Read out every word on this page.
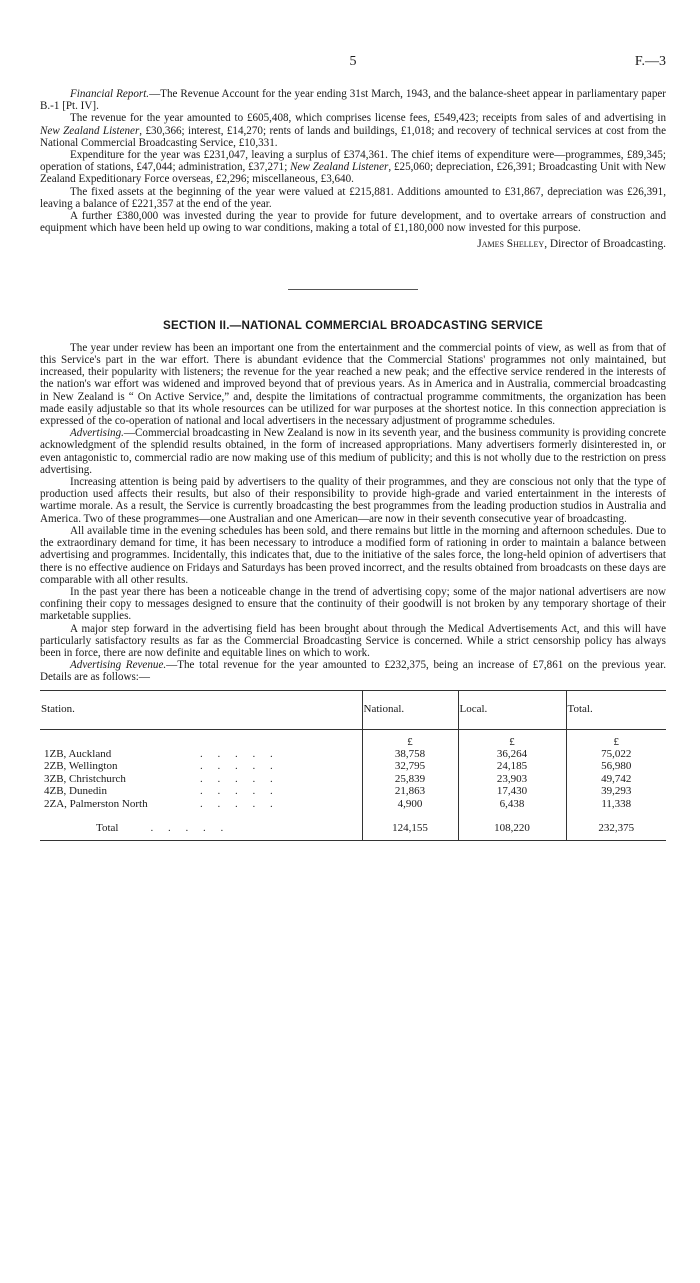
5	F.—3

Financial Report.—The Revenue Account for the year ending 31st March, 1943, and the balance-sheet appear in parliamentary paper B.-1 [Pt. IV].

The revenue for the year amounted to £605,408, which comprises license fees, £549,423; receipts from sales of and advertising in New Zealand Listener, £30,366; interest, £14,270; rents of lands and buildings, £1,018; and recovery of technical services at cost from the National Commercial Broadcasting Service, £10,331.

Expenditure for the year was £231,047, leaving a surplus of £374,361. The chief items of expenditure were—programmes, £89,345; operation of stations, £47,044; administration, £37,271; New Zealand Listener, £25,060; depreciation, £26,391; Broadcasting Unit with New Zealand Expeditionary Force overseas, £2,296; miscellaneous, £3,640.

The fixed assets at the beginning of the year were valued at £215,881. Additions amounted to £31,867, depreciation was £26,391, leaving a balance of £221,357 at the end of the year.

A further £380,000 was invested during the year to provide for future development, and to overtake arrears of construction and equipment which have been held up owing to war conditions, making a total of £1,180,000 now invested for this purpose.

James Shelley, Director of Broadcasting.
SECTION II.—NATIONAL COMMERCIAL BROADCASTING SERVICE

The year under review has been an important one from the entertainment and the commercial points of view, as well as from that of this Service's part in the war effort. There is abundant evidence that the Commercial Stations' programmes not only maintained, but increased, their popularity with listeners; the revenue for the year reached a new peak; and the effective service rendered in the interests of the nation's war effort was widened and improved beyond that of previous years. As in America and in Australia, commercial broadcasting in New Zealand is “ On Active Service,” and, despite the limitations of contractual programme commitments, the organization has been made easily adjustable so that its whole resources can be utilized for war purposes at the shortest notice. In this connection appreciation is expressed of the co-operation of national and local advertisers in the necessary adjustment of programme schedules.

Advertising.—Commercial broadcasting in New Zealand is now in its seventh year, and the business community is providing concrete acknowledgment of the splendid results obtained, in the form of increased appropriations. Many advertisers formerly disinterested in, or even antagonistic to, commercial radio are now making use of this medium of publicity; and this is not wholly due to the restriction on press advertising.

Increasing attention is being paid by advertisers to the quality of their programmes, and they are conscious not only that the type of production used affects their results, but also of their responsibility to provide high-grade and varied entertainment in the interests of wartime morale. As a result, the Service is currently broadcasting the best programmes from the leading production studios in Australia and America. Two of these programmes—one Australian and one American—are now in their seventh consecutive year of broadcasting.

All available time in the evening schedules has been sold, and there remains but little in the morning and afternoon schedules. Due to the extraordinary demand for time, it has been necessary to introduce a modified form of rationing in order to maintain a balance between advertising and programmes. Incidentally, this indicates that, due to the initiative of the sales force, the long-held opinion of advertisers that there is no effective audience on Fridays and Saturdays has been proved incorrect, and the results obtained from broadcasts on these days are comparable with all other results.

In the past year there has been a noticeable change in the trend of advertising copy; some of the major national advertisers are now confining their copy to messages designed to ensure that the continuity of their goodwill is not broken by any temporary shortage of their marketable supplies.

A major step forward in the advertising field has been brought about through the Medical Advertisements Act, and this will have particularly satisfactory results as far as the Commercial Broadcasting Service is concerned. While a strict censorship policy has always been in force, there are now definite and equitable lines on which to work.

Advertising Revenue.—The total revenue for the year amounted to £232,375, being an increase of £7,861 on the previous year. Details are as follows:—

Station.	National.	Local.	Total.
	£	£	£
1ZB, Auckland . . . . .	38,758	36,264	75,022
2ZB, Wellington . . . . .	32,795	24,185	56,980
3ZB, Christchurch . . . . .	25,839	23,903	49,742
4ZB, Dunedin . . . . .	21,863	17,430	39,293
2ZA, Palmerston North . . . . .	4,900	6,438	11,338

Total . . . . .	124,155	108,220	232,375
